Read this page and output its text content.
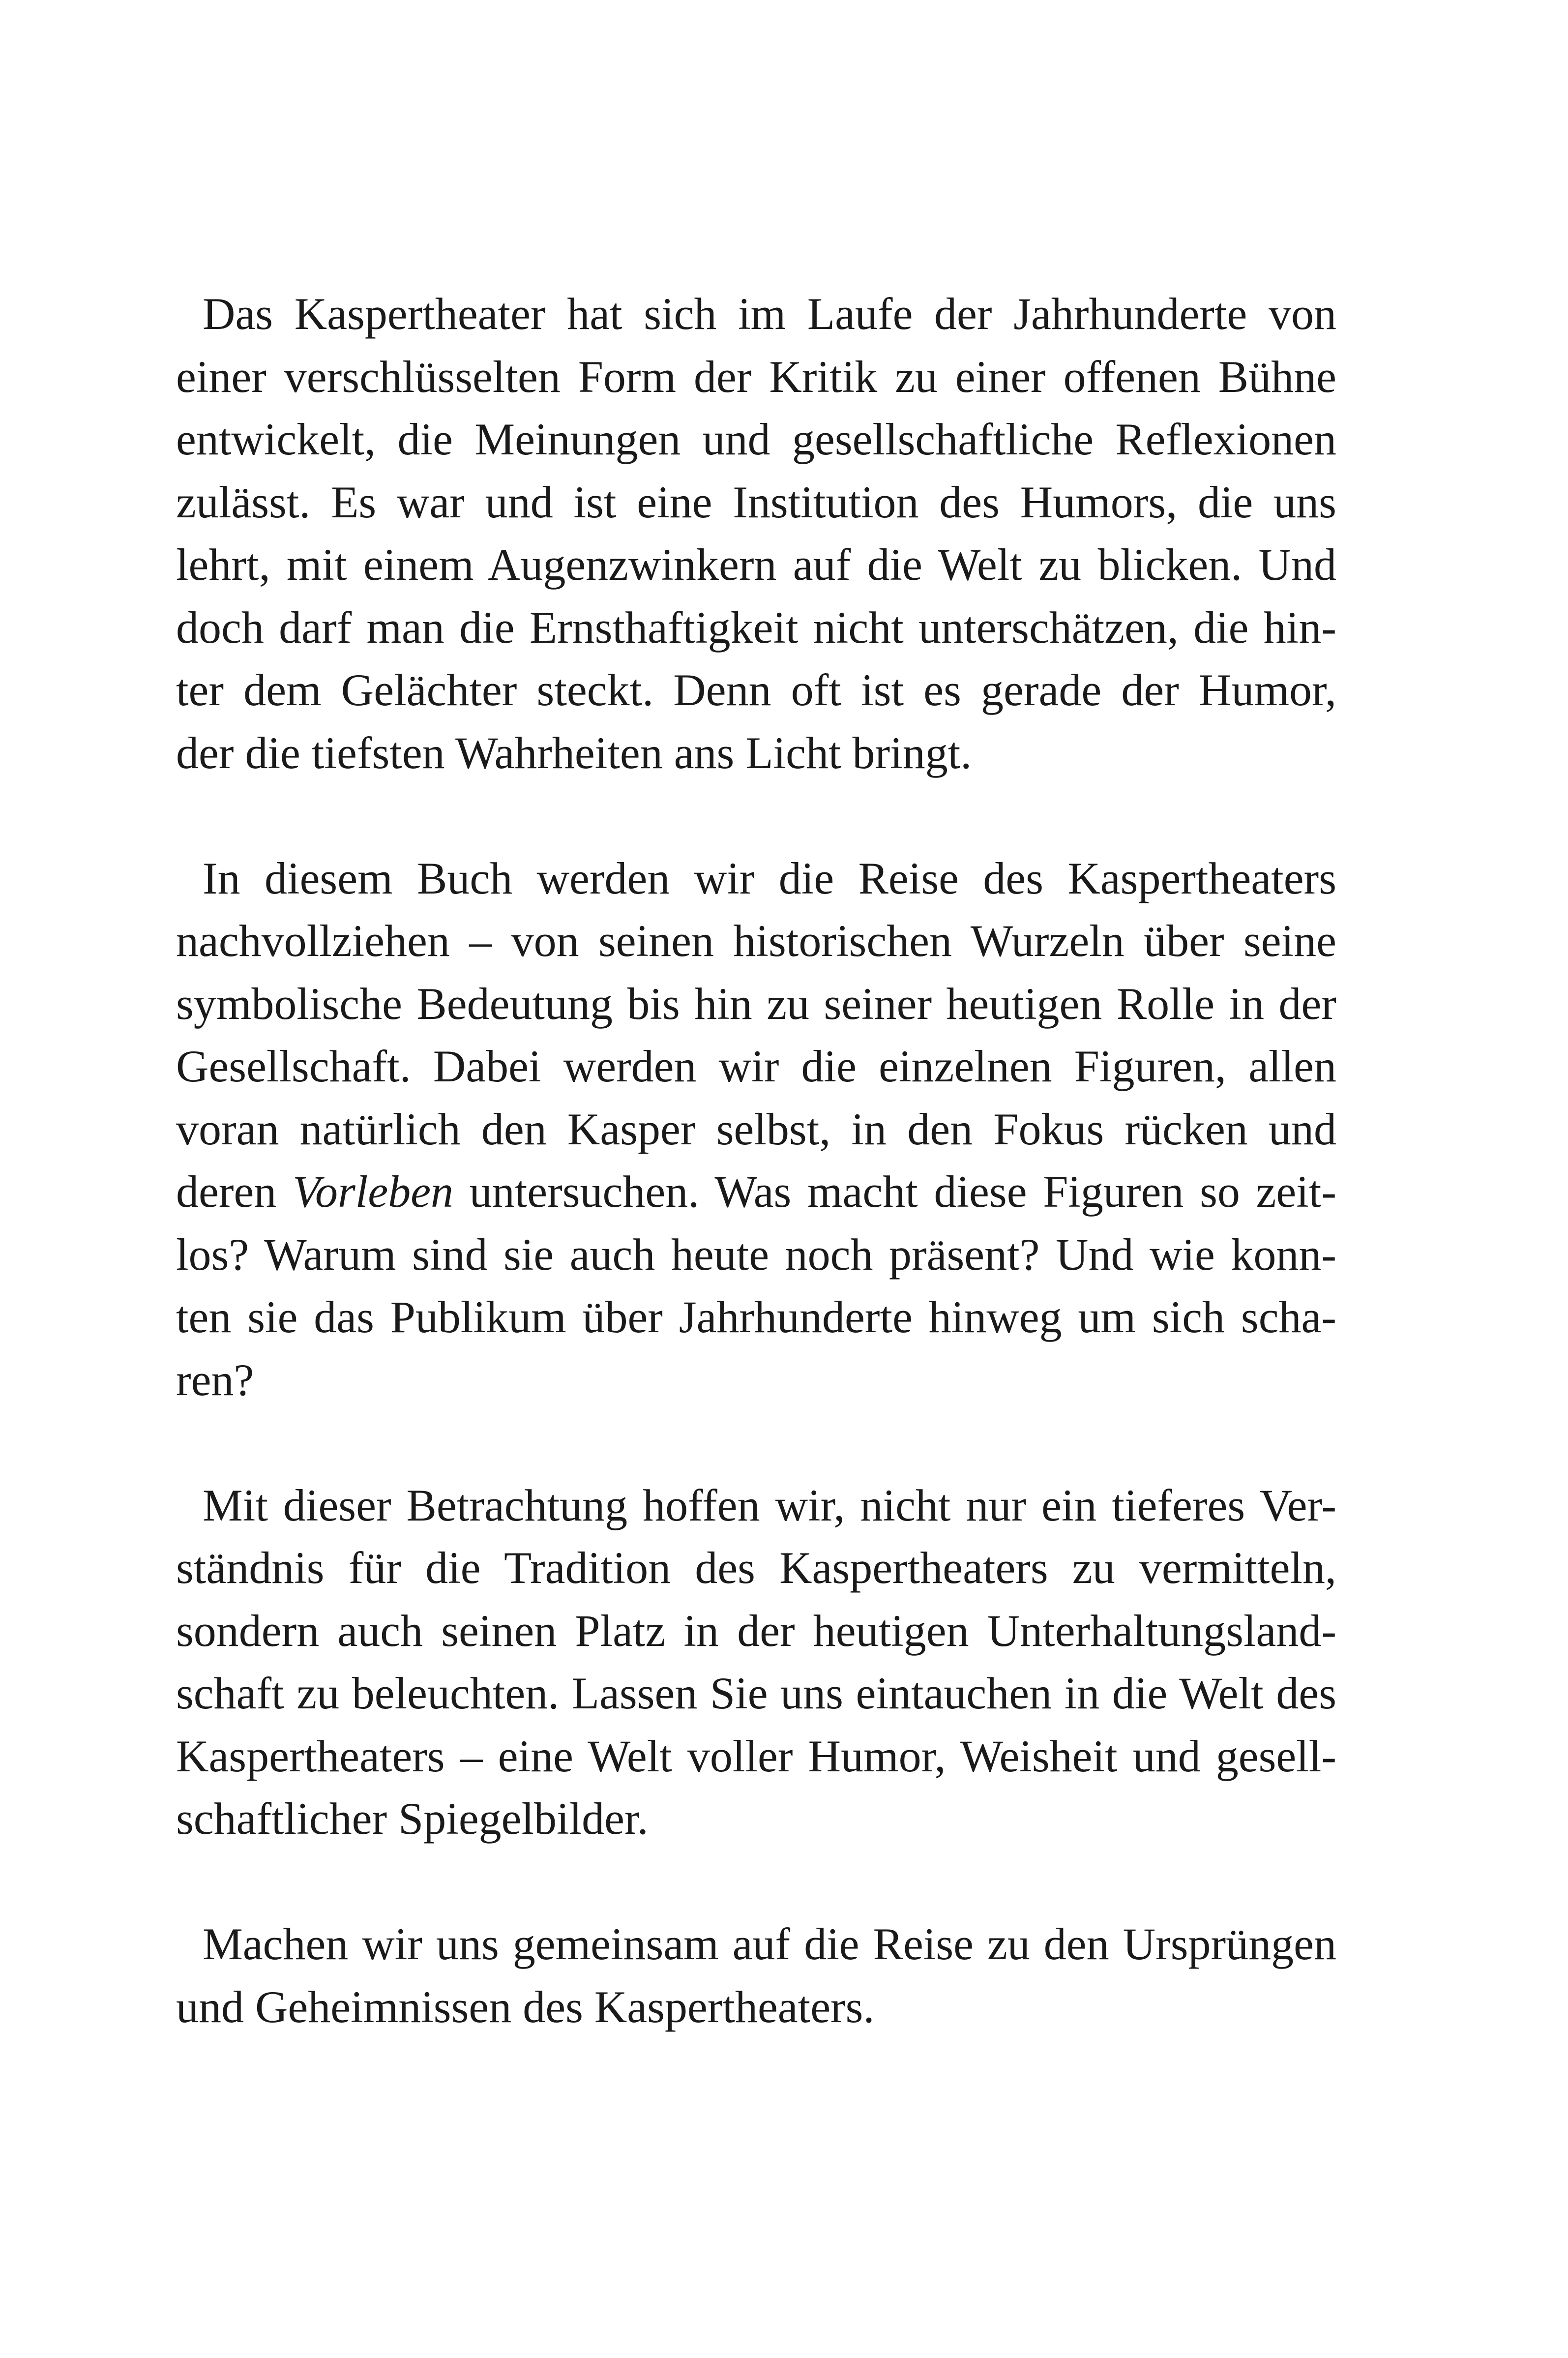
Das Kaspertheater hat sich im Laufe der Jahrhunderte von
einer verschlüsselten Form der Kritik zu einer offenen Bühne
entwickelt, die Meinungen und gesellschaftliche Reflexionen
zulässt. Es war und ist eine Institution des Humors, die uns
lehrt, mit einem Augenzwinkern auf die Welt zu blicken. Und
doch darf man die Ernsthaftigkeit nicht unterschätzen, die hin-
ter dem Gelächter steckt. Denn oft ist es gerade der Humor,
der die tiefsten Wahrheiten ans Licht bringt.
In diesem Buch werden wir die Reise des Kaspertheaters
nachvollziehen – von seinen historischen Wurzeln über seine
symbolische Bedeutung bis hin zu seiner heutigen Rolle in der
Gesellschaft. Dabei werden wir die einzelnen Figuren, allen
voran natürlich den Kasper selbst, in den Fokus rücken und
deren Vorleben untersuchen. Was macht diese Figuren so zeit-
los? Warum sind sie auch heute noch präsent? Und wie konn-
ten sie das Publikum über Jahrhunderte hinweg um sich scha-
ren?
Mit dieser Betrachtung hoffen wir, nicht nur ein tieferes Ver-
ständnis für die Tradition des Kaspertheaters zu vermitteln,
sondern auch seinen Platz in der heutigen Unterhaltungsland-
schaft zu beleuchten. Lassen Sie uns eintauchen in die Welt des
Kaspertheaters – eine Welt voller Humor, Weisheit und gesell-
schaftlicher Spiegelbilder.
Machen wir uns gemeinsam auf die Reise zu den Ursprüngen
und Geheimnissen des Kaspertheaters.
